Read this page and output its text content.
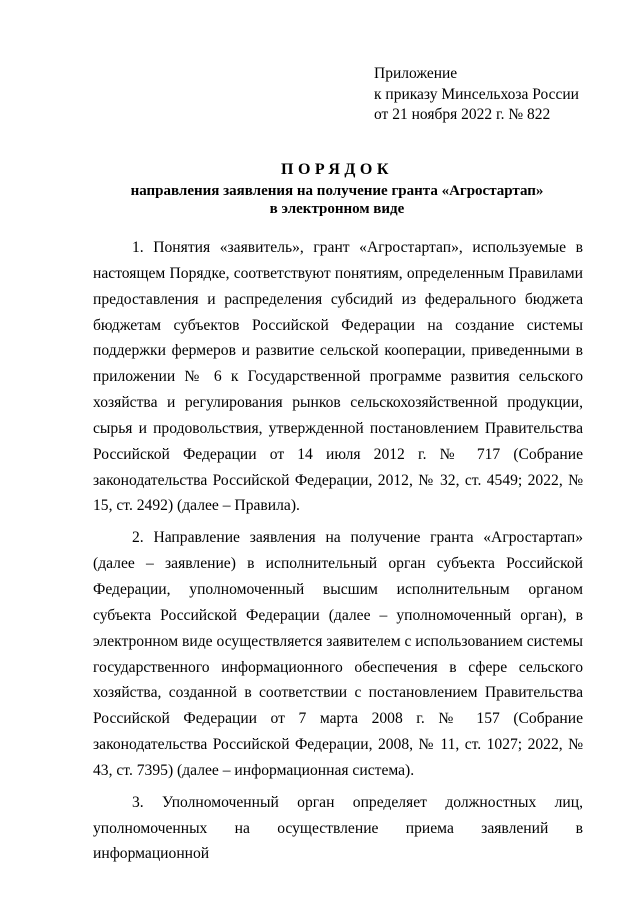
Приложение
к приказу Минсельхоза России
от 21 ноября 2022 г. № 822
ПОРЯДОК
направления заявления на получение гранта «Агростартап»
в электронном виде

1. Понятия «заявитель», грант «Агростартап», используемые в настоящем Порядке, соответствуют понятиям, определенным Правилами предоставления и распределения субсидий из федерального бюджета бюджетам субъектов Российской Федерации на создание системы поддержки фермеров и развитие сельской кооперации, приведенными в приложении № 6 к Государственной программе развития сельского хозяйства и регулирования рынков сельскохозяйственной продукции, сырья и продовольствия, утвержденной постановлением Правительства Российской Федерации от 14 июля 2012 г. № 717 (Собрание законодательства Российской Федерации, 2012, № 32, ст. 4549; 2022, № 15, ст. 2492) (далее – Правила).

2. Направление заявления на получение гранта «Агростартап» (далее – заявление) в исполнительный орган субъекта Российской Федерации, уполномоченный высшим исполнительным органом субъекта Российской Федерации (далее – уполномоченный орган), в электронном виде осуществляется заявителем с использованием системы государственного информационного обеспечения в сфере сельского хозяйства, созданной в соответствии с постановлением Правительства Российской Федерации от 7 марта 2008 г. № 157 (Собрание законодательства Российской Федерации, 2008, № 11, ст. 1027; 2022, № 43, ст. 7395) (далее – информационная система).

3. Уполномоченный орган определяет должностных лиц, уполномоченных на осуществление приема заявлений в информационной
